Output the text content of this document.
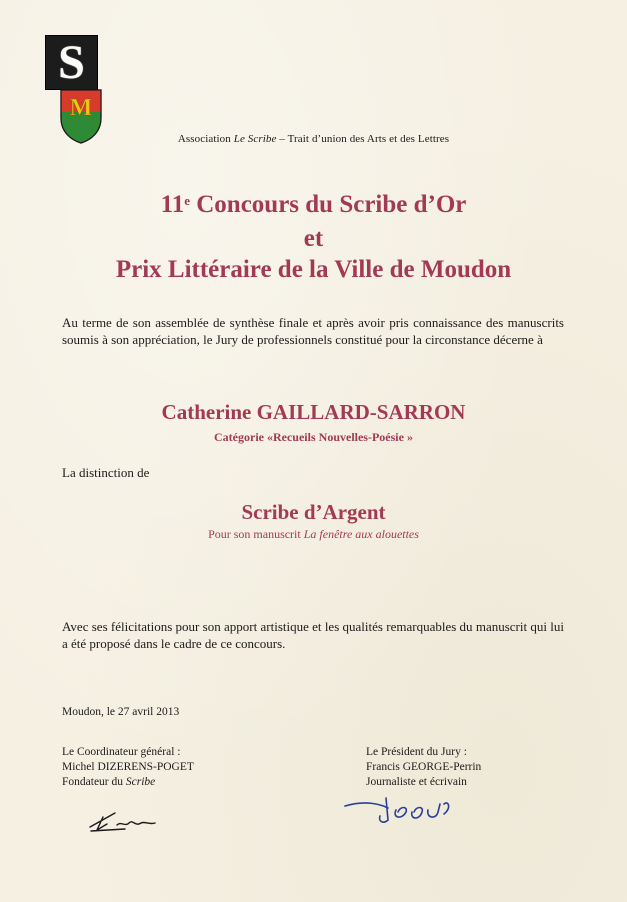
S
M
Association Le Scribe – Trait d’union des Arts et des Lettres
11e Concours du Scribe d’Or
et
Prix Littéraire de la Ville de Moudon
Au terme de son assemblée de synthèse finale et après avoir pris connaissance des manuscrits soumis à son appréciation, le Jury de professionnels constitué pour la circonstance décerne à
Catherine GAILLARD-SARRON
Catégorie «Recueils Nouvelles-Poésie »
La distinction de
Scribe d’Argent
Pour son manuscrit La fenêtre aux alouettes
Avec ses félicitations pour son apport artistique et les qualités remarquables du manuscrit qui lui a été proposé dans le cadre de ce concours.
Moudon, le 27 avril 2013
Le Coordinateur général :
Michel DIZERENS-POGET
Fondateur du Scribe
Le Président du Jury :
Francis GEORGE-Perrin
Journaliste et écrivain
